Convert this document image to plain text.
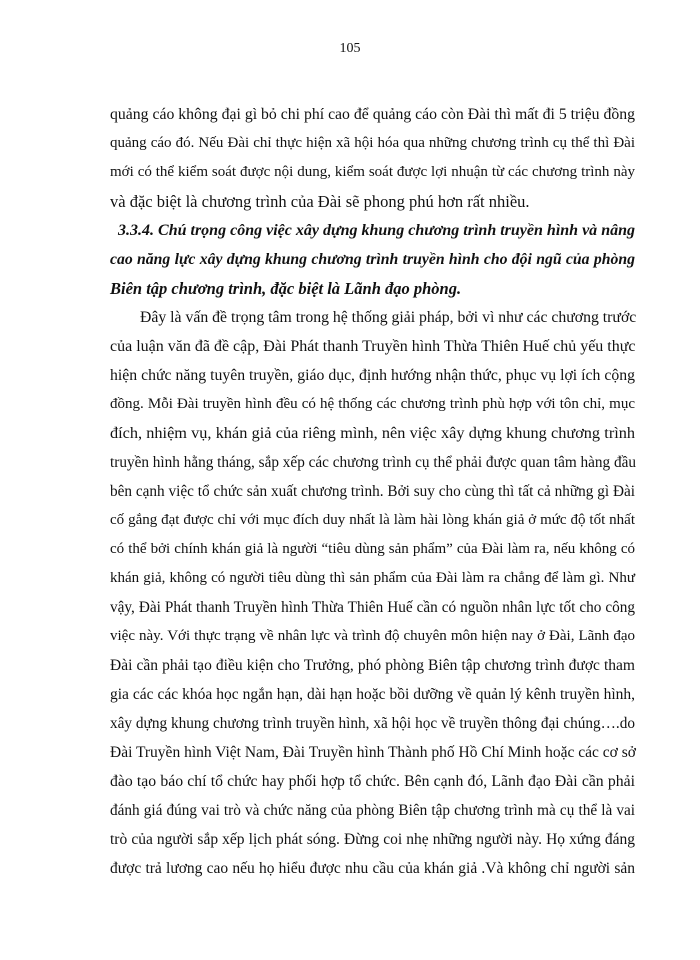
105
quảng cáo không đại gì bỏ chi phí cao để quảng cáo còn Đài thì mất đi 5 triệu đồng
quảng cáo đó. Nếu Đài chỉ thực hiện xã hội hóa qua những chương trình cụ thể thì Đài
mới có thể kiểm soát được nội dung, kiểm soát được lợi nhuận từ các chương trình này
và đặc biệt là chương trình của Đài sẽ phong phú hơn rất nhiều.
3.3.4. Chú trọng công việc xây dựng khung chương trình truyền hình và nâng
cao năng lực xây dựng khung chương trình truyền hình cho đội ngũ của phòng
Biên tập chương trình, đặc biệt là Lãnh đạo phòng.
Đây là vấn đề trọng tâm trong hệ thống giải pháp, bởi vì như các chương trước
của luận văn đã đề cập, Đài Phát thanh Truyền hình Thừa Thiên Huế chủ yếu thực
hiện chức năng tuyên truyền, giáo dục, định hướng nhận thức, phục vụ lợi ích cộng
đồng. Mỗi Đài truyền hình đều có hệ thống các chương trình phù hợp với tôn chỉ, mục
đích, nhiệm vụ, khán giả của riêng mình, nên việc xây dựng khung chương trình
truyền hình hằng tháng, sắp xếp các chương trình cụ thể phải được quan tâm hàng đầu
bên cạnh việc tổ chức sản xuất chương trình. Bởi suy cho cùng thì tất cả những gì Đài
cố gắng đạt được chỉ với mục đích duy nhất là làm hài lòng khán giả ở mức độ tốt nhất
có thể bởi chính khán giả là người “tiêu dùng sản phẩm” của Đài làm ra, nếu không có
khán giả, không có người tiêu dùng thì sản phẩm của Đài làm ra chẳng để làm gì. Như
vậy, Đài Phát thanh Truyền hình Thừa Thiên Huế cần có nguồn nhân lực tốt cho công
việc này. Với thực trạng về nhân lực và trình độ chuyên môn hiện nay ở Đài, Lãnh đạo
Đài cần phải tạo điều kiện cho Trưởng, phó phòng Biên tập chương trình được tham
gia các các khóa học ngắn hạn, dài hạn hoặc bồi dưỡng về quản lý kênh truyền hình,
xây dựng khung chương trình truyền hình, xã hội học về truyền thông đại chúng….do
Đài Truyền hình Việt Nam, Đài Truyền hình Thành phố Hồ Chí Minh hoặc các cơ sở
đào tạo báo chí tổ chức hay phối hợp tổ chức. Bên cạnh đó, Lãnh đạo Đài cần phải
đánh giá đúng vai trò và chức năng của phòng Biên tập chương trình mà cụ thể là vai
trò của người sắp xếp lịch phát sóng. Đừng coi nhẹ những người này. Họ xứng đáng
được trả lương cao nếu họ hiểu được nhu cầu của khán giả .Và không chỉ người sản
